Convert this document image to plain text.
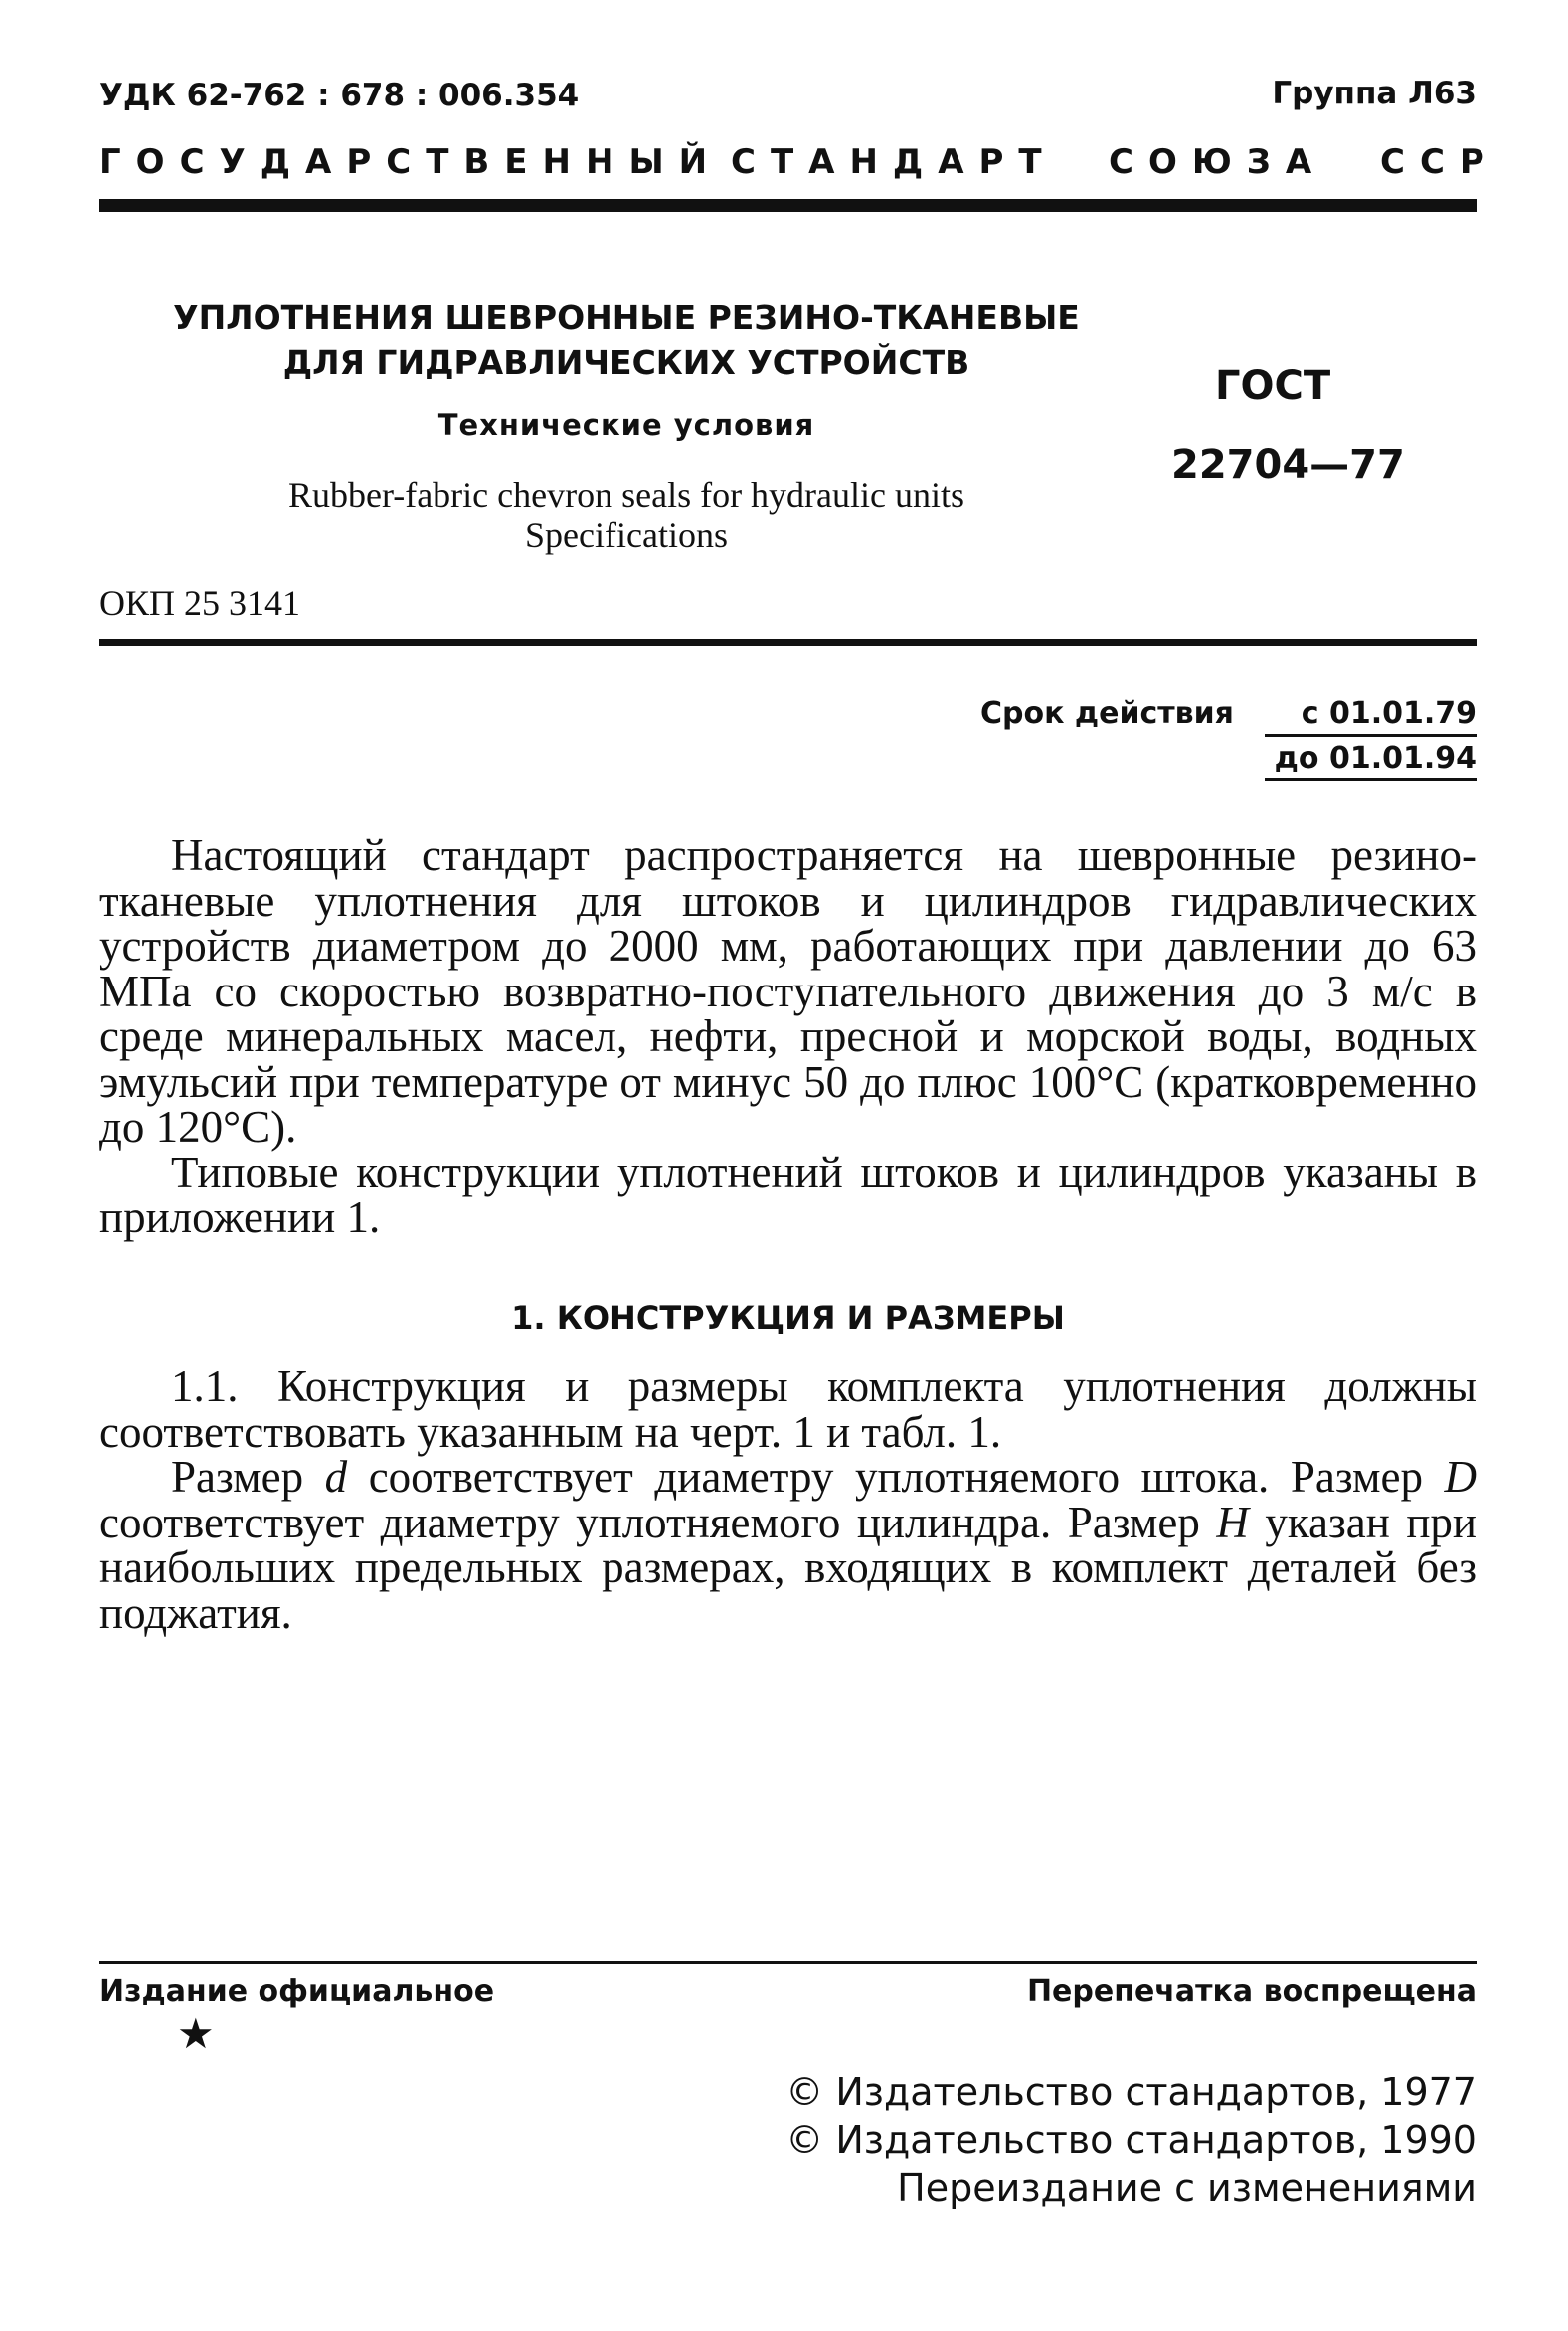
УДК 62-762 : 678 : 006.354	Группа Л63
ГОСУДАРСТВЕННЫЙ СТАНДАРТ СОЮЗА ССР
УПЛОТНЕНИЯ ШЕВРОННЫЕ РЕЗИНО-ТКАНЕВЫЕ
ДЛЯ ГИДРАВЛИЧЕСКИХ УСТРОЙСТВ
Технические условия
Rubber-fabric chevron seals for hydraulic units
Specifications
ГОСТ
22704—77
ОКП 25 3141
Срок действия с 01.01.79
до 01.01.94

Настоящий стандарт распространяется на шевронные резино-тканевые уплотнения для штоков и цилиндров гидравлических устройств диаметром до 2000 мм, работающих при давлении до 63 МПа со скоростью возвратно-поступательного движения до 3 м/с в среде минеральных масел, нефти, пресной и морской воды, водных эмульсий при температуре от минус 50 до плюс 100°С (кратковременно до 120°С).

Типовые конструкции уплотнений штоков и цилиндров указаны в приложении 1.

1. КОНСТРУКЦИЯ И РАЗМЕРЫ

1.1. Конструкция и размеры комплекта уплотнения должны соответствовать указанным на черт. 1 и табл. 1.

Размер d соответствует диаметру уплотняемого штока. Размер D соответствует диаметру уплотняемого цилиндра. Размер H указан при наибольших предельных размерах, входящих в комплект деталей без поджатия.

Издание официальное	Перепечатка воспрещена
★
© Издательство стандартов, 1977
© Издательство стандартов, 1990
Переиздание с изменениями
